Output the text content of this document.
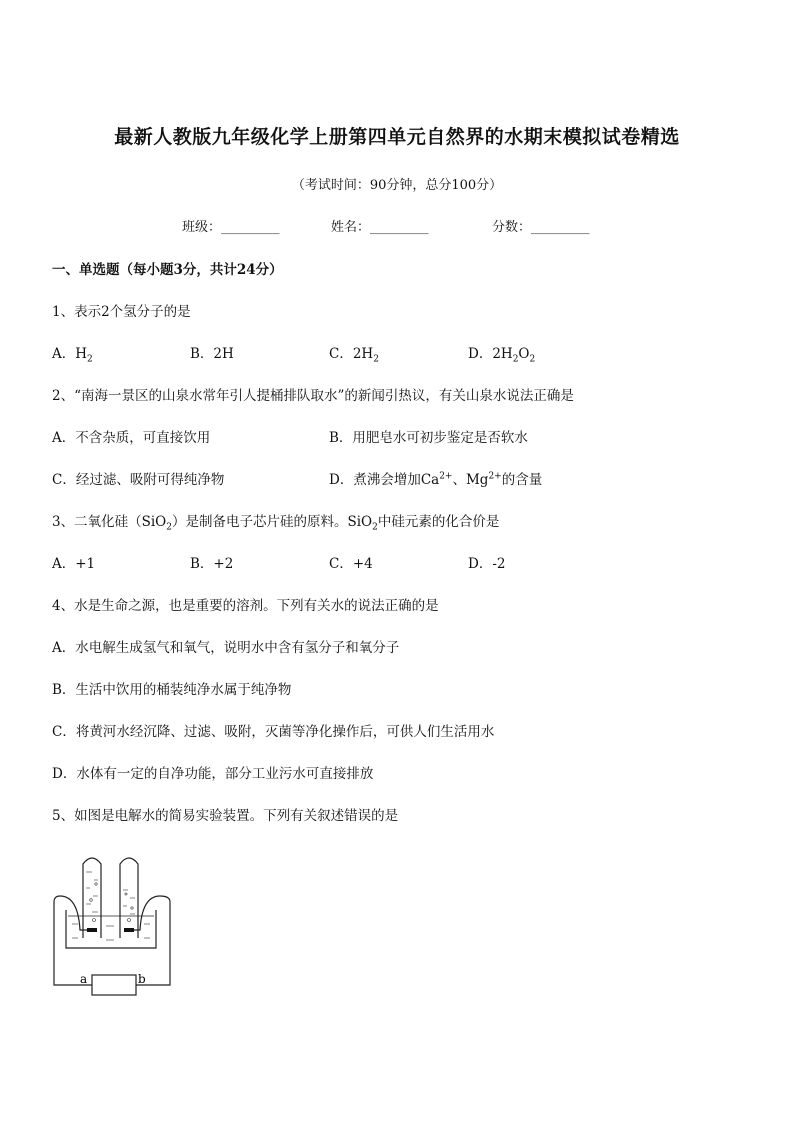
最新人教版九年级化学上册第四单元自然界的水期末模拟试卷精选
（考试时间：90分钟，总分100分）
班级：_________	姓名：_________	分数：_________
一、单选题（每小题3分，共计24分）
1、表示2个氢分子的是
A．$H_2$	B．2H	C．$2H_2$	D．$2H_2O_2$
2、“南海一景区的山泉水常年引人提桶排队取水”的新闻引热议，有关山泉水说法正确是
A．不含杂质，可直接饮用	B．用肥皂水可初步鉴定是否软水
C．经过滤、吸附可得纯净物	D．煮沸会增加$Ca^{2+}$、$Mg^{2+}$的含量
3、二氧化硅（SiO$_2$）是制备电子芯片硅的原料。SiO$_2$中硅元素的化合价是
A．+1	B．+2	C．+4	D．-2
4、水是生命之源，也是重要的溶剂。下列有关水的说法正确的是
A．水电解生成氢气和氧气，说明水中含有氢分子和氧分子
B．生活中饮用的桶装纯净水属于纯净物
C．将黄河水经沉降、过滤、吸附，灭菌等净化操作后，可供人们生活用水
D．水体有一定的自净功能，部分工业污水可直接排放
5、如图是电解水的简易实验装置。下列有关叙述错误的是
a	b
